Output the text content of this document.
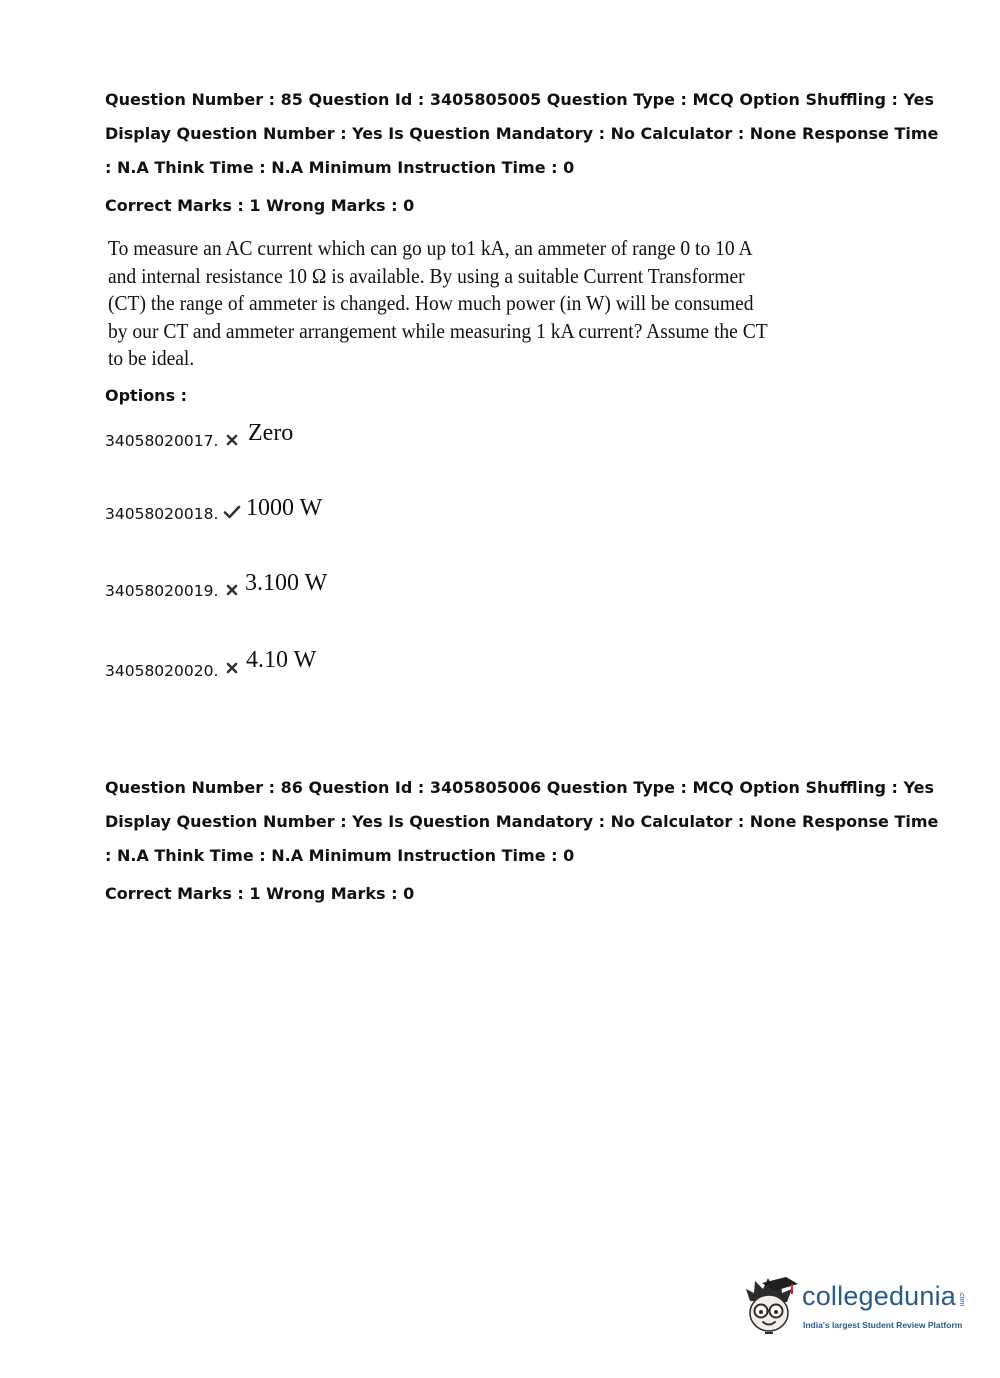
Question Number : 85 Question Id : 3405805005 Question Type : MCQ Option Shuffling : Yes
Display Question Number : Yes Is Question Mandatory : No Calculator : None Response Time
: N.A Think Time : N.A Minimum Instruction Time : 0
Correct Marks : 1 Wrong Marks : 0
To measure an AC current which can go up to1 kA, an ammeter of range 0 to 10 A
and internal resistance 10 Ω is available. By using a suitable Current Transformer
(CT) the range of ammeter is changed. How much power (in W) will be consumed
by our CT and ammeter arrangement while measuring 1 kA current? Assume the CT
to be ideal.
Options :
34058020017. Zero
34058020018. 1000 W
34058020019. 3.100 W
34058020020. 4.10 W
Question Number : 86 Question Id : 3405805006 Question Type : MCQ Option Shuffling : Yes
Display Question Number : Yes Is Question Mandatory : No Calculator : None Response Time
: N.A Think Time : N.A Minimum Instruction Time : 0
Correct Marks : 1 Wrong Marks : 0
collegedunia .com
India's largest Student Review Platform
